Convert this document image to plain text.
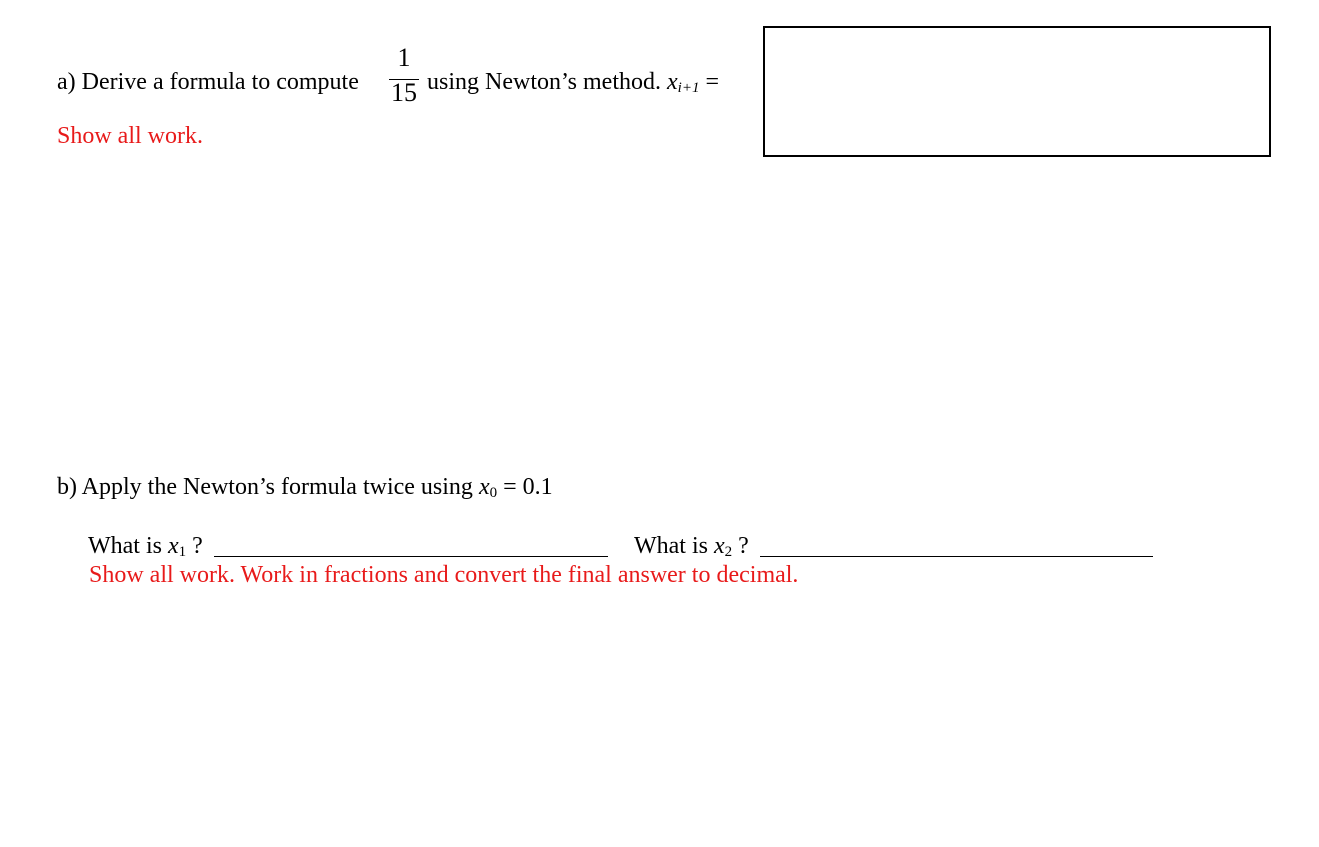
a) Derive a formula to compute
1
15 using Newton’s method. $x_{i+1}$ =
Show all work.
b) Apply the Newton’s formula twice using $x_0 = 0.1$
What is $x_1$ ?	What is $x_2$ ?
Show all work. Work in fractions and convert the final answer to decimal.
